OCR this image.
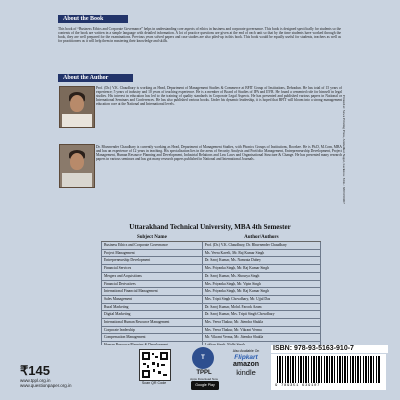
About the Book
This book of “Business Ethics and Corporate Governance” helps in understanding core aspects of ethics in business and corporate governance. This book is designed specifically for students so the contents of the book are written in a simple language with detailed information. A lot of practice questions are given at the end of each unit so that by the time students have worked through the book, they are well prepared for the examinations. Previous years solved papers and case studies are also piled-up in this book. This book would be equally useful for students, teachers as well as for practitioners as it will help them in mastering their knowledge and skills.
About the Author
Prof. (Dr.) V.K. Chaudhary is working as Head, Department of Management Studies & Commerce at BFIT Group of Institutions, Dehradun. He has total of 15 years of experience; 5 years of industry and 10 years of teaching experience. He is a member of Board of Studies of IPA and IIVR. He found a cemented role for himself in legal studies. His interest in education has led to the training of quality standards in Corporate Legal Aspects. He has presented and published various papers in National or International Seminars and Conferences. He has also published various books. Under his dynamic leadership, it is hoped that BFIT will bloom into a strong management education core at the National and International levels.
Dr. Bhuvnender Chaudhary is currently working as Head, Department of Management Studies, with Phonics Groups of Institutions, Roorkee. He is Ph.D, M.Com, MBA and has an experience of 12 years in teaching. His specialisation lies in the areas of Security Analysis and Portfolio Management, Entrepreneurship Development, Project Management, Human Resource Planning and Development, Industrial Relations and Law Laws and Organisational Structure & Change. He has presented many research papers in various seminars and has got many research papers published in National and International Journals.
Uttarakhand Technical University, MBA 4th Semester
Subject Name	Author/Authors
Business Ethics and Corporate Governance	Prof. (Dr.) V.K. Chaudhary, Dr. Bhuvnender Chaudhary
Project Management	Ms. Veera Kaveli, Mr. Raj Kumar Singh
Entrepreneurship Development	Dr. Saroj Kumar, Ms. Namrata Dubey
Financial Services	Mrs. Priyanka Singh, Mr. Raj Kumar Singh
Mergers and Acquisitions	Dr. Saroj Kumar, Ms. Shourya Singh
Financial Derivatives	Mrs. Priyanka Singh, Mr. Vipin Singh
International Financial Management	Mrs. Priyanka Singh, Mr. Raj Kumar Singh
Sales Management	Mrs. Tripti Singh Chowdhary, Mr. Ujjal Das
Rural Marketing	Dr. Saroj Kumar, Mohd. Farook Azam
Digital Marketing	Dr. Saroj Kumar, Mrs. Tripti Singh Chowdhary
International Human Resource Management	Mrs. Veera Thakur, Mr. Jitendra Shukla
Corporate leadership	Mrs. Veera Thakur, Mr. Vikrant Verma
Compensation Management	Mr. Vikrant Verma, Mr. Jitendra Shukla

Printed at: Sewa Printing Press, Ambedkar Nagar, Lucknow. Mob.: 8303190467
₹145
www.tppl.org.in
www.questionpaper.org.in
Scan QR Code
T
TPPL
Apps Download Now
Google Play
Also Available On
Flipkart
amazon
kindle
ISBN: 978-93-5163-910-7
9 789351 639107
